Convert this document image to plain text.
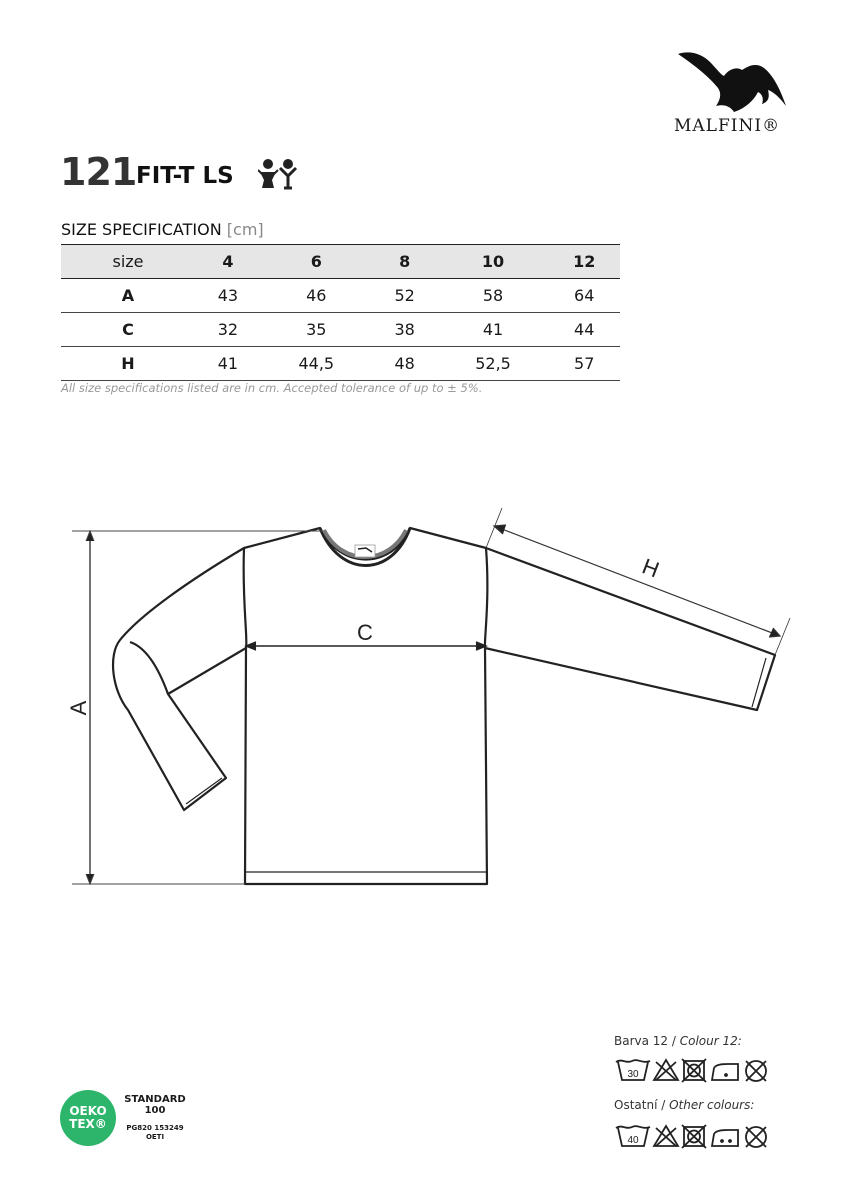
MALFINI®
121 FIT-T LS
SIZE SPECIFICATION [cm]
size	4	6	8	10	12
A	43	46	52	58	64
C	32	35	38	41	44
H	41	44,5	48	52,5	57
All size specifications listed are in cm. Accepted tolerance of up to ± 5%.
A
C
H
Barva 12 / Colour 12:
30
Ostatní / Other colours:
40
OEKO
TEX®
STANDARD
100
PG820 153249
OETI
